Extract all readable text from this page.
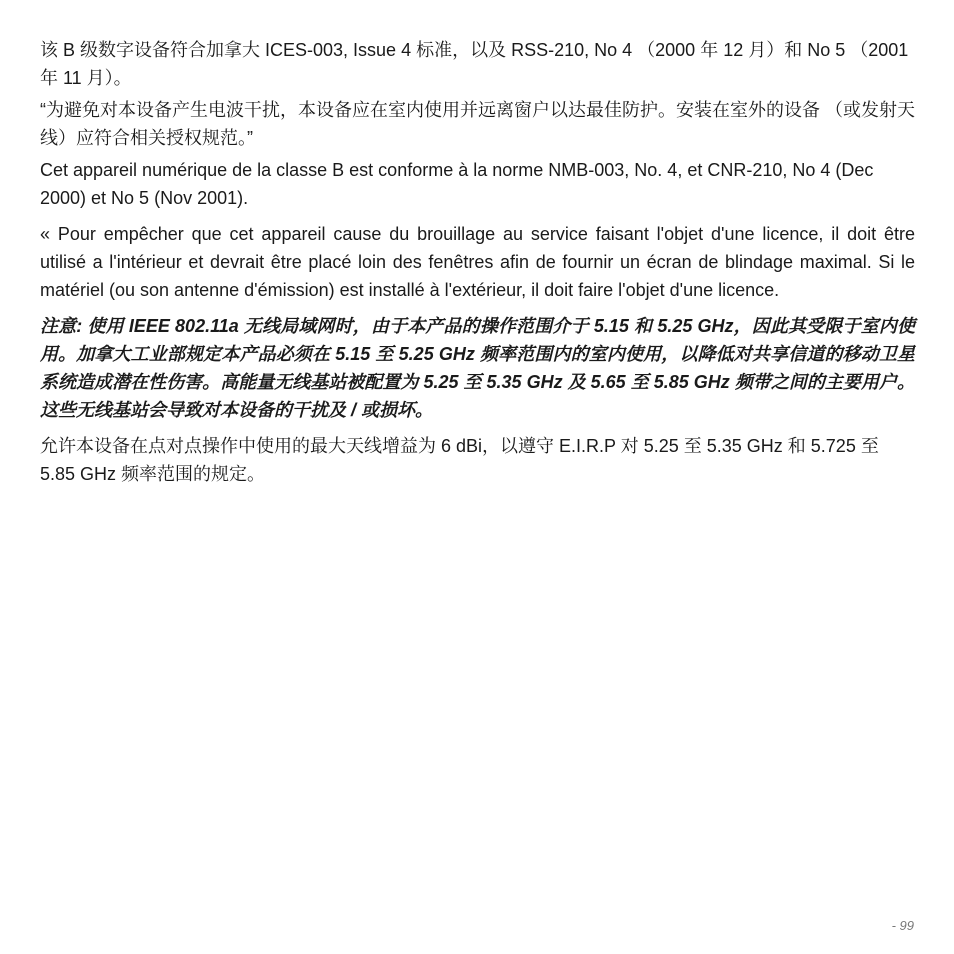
该 B 级数字设备符合加拿大 ICES-003, Issue 4 标准，以及 RSS-210, No 4 （2000 年 12 月）和 No 5 （2001 年 11 月）。

“为避免对本设备产生电波干扰，本设备应在室内使用并远离窗户以达最佳防护。安装在室外的设备 （或发射天线）应符合相关授权规范。”

Cet appareil numérique de la classe B est conforme à la norme NMB-003, No. 4, et CNR-210, No 4 (Dec 2000) et No 5 (Nov 2001).

« Pour empêcher que cet appareil cause du brouillage au service faisant l'objet d'une licence, il doit être utilisé a l'intérieur et devrait être placé loin des fenêtres afin de fournir un écran de blindage maximal. Si le matériel (ou son antenne d'émission) est installé à l'extérieur, il doit faire l'objet d'une licence.

注意: 使用 IEEE 802.11a 无线局域网时，由于本产品的操作范围介于 5.15 和 5.25 GHz，因此其受限于室内使用。加拿大工业部规定本产品必须在 5.15 至 5.25 GHz 频率范围内的室内使用，以降低对共享信道的移动卫星系统造成潜在性伤害。高能量无线基站被配置为 5.25 至 5.35 GHz 及 5.65 至 5.85 GHz 频带之间的主要用户。这些无线基站会导致对本设备的干扰及 / 或损坏。

允许本设备在点对点操作中使用的最大天线增益为 6 dBi，以遵守 E.I.R.P 对 5.25 至 5.35 GHz 和 5.725 至 5.85 GHz 频率范围的规定。

- 99
